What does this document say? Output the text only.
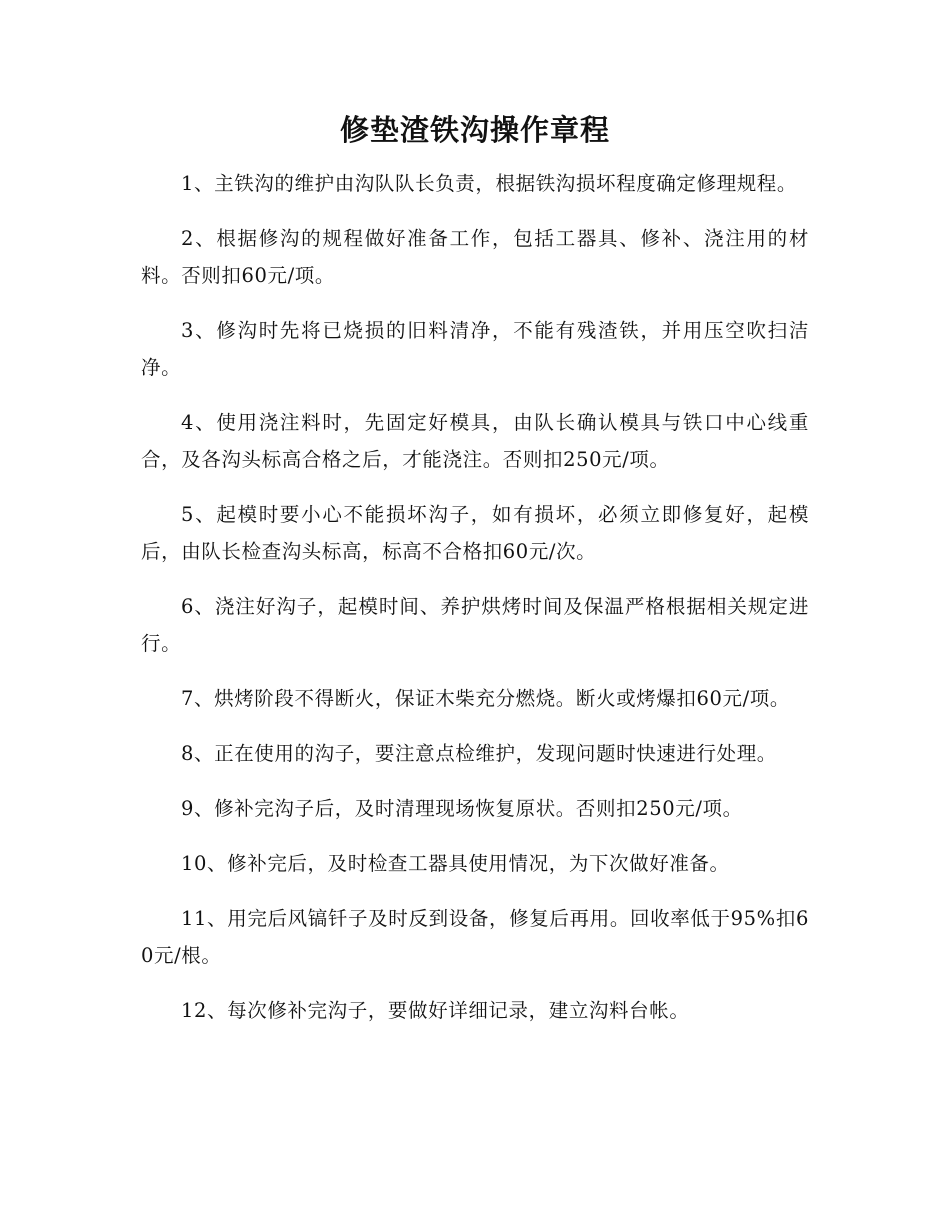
修垫渣铁沟操作章程

1、主铁沟的维护由沟队队长负责，根据铁沟损坏程度确定修理规程。

2、根据修沟的规程做好准备工作，包括工器具、修补、浇注用的材料。否则扣60元/项。

3、修沟时先将已烧损的旧料清净，不能有残渣铁，并用压空吹扫洁净。

4、使用浇注料时，先固定好模具，由队长确认模具与铁口中心线重合，及各沟头标高合格之后，才能浇注。否则扣250元/项。

5、起模时要小心不能损坏沟子，如有损坏，必须立即修复好，起模后，由队长检查沟头标高，标高不合格扣60元/次。

6、浇注好沟子，起模时间、养护烘烤时间及保温严格根据相关规定进行。

7、烘烤阶段不得断火，保证木柴充分燃烧。断火或烤爆扣60元/项。

8、正在使用的沟子，要注意点检维护，发现问题时快速进行处理。

9、修补完沟子后，及时清理现场恢复原状。否则扣250元/项。

10、修补完后，及时检查工器具使用情况，为下次做好准备。

11、用完后风镐钎子及时反到设备，修复后再用。回收率低于95%扣60元/根。

12、每次修补完沟子，要做好详细记录，建立沟料台帐。
